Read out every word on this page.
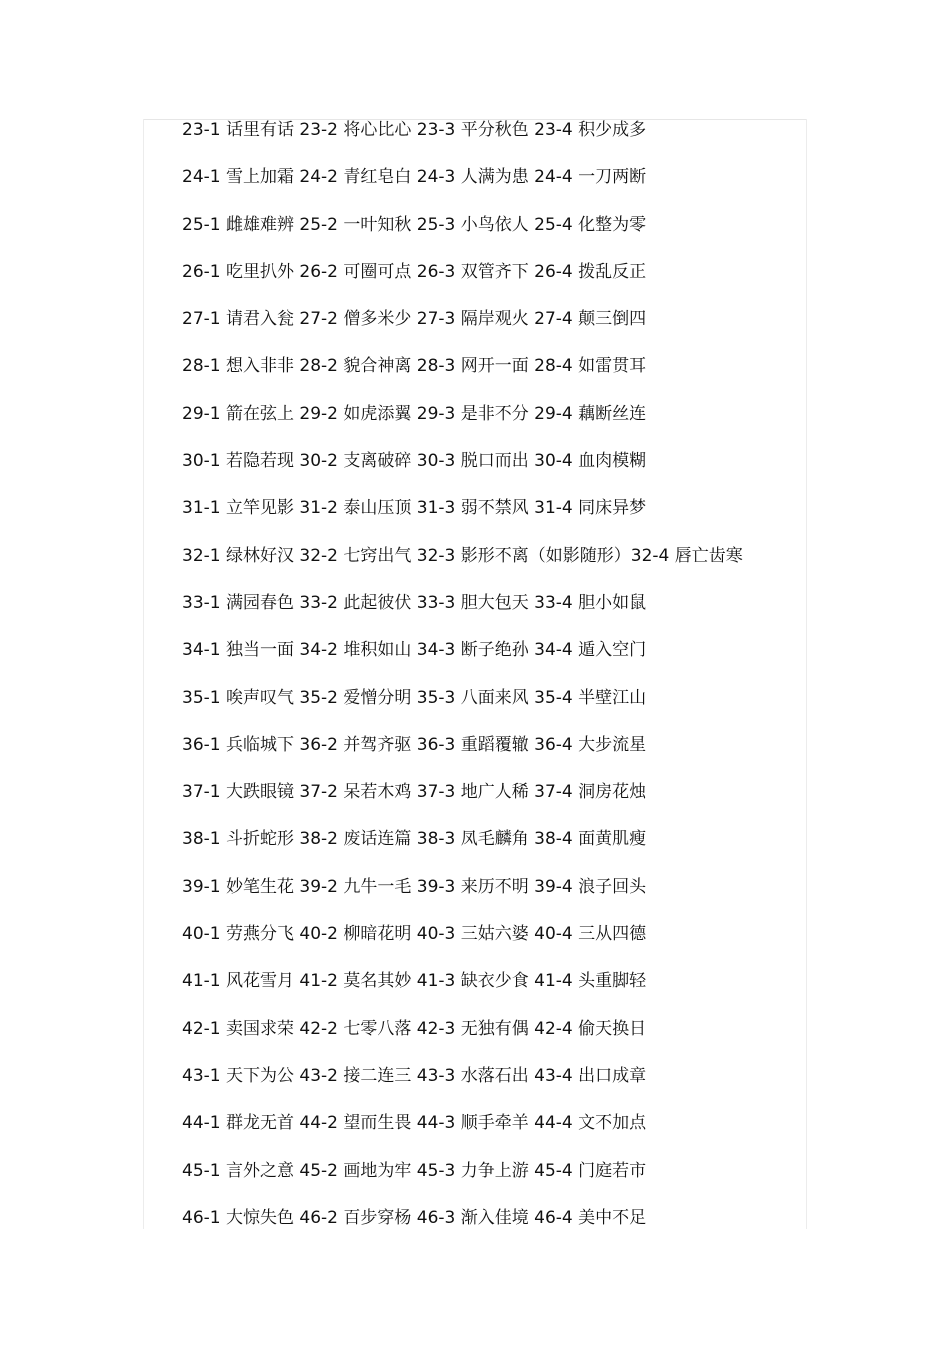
23-1 话里有话 23-2 将心比心 23-3 平分秋色 23-4 积少成多
24-1 雪上加霜 24-2 青红皂白 24-3 人满为患 24-4 一刀两断
25-1 雌雄难辨 25-2 一叶知秋 25-3 小鸟依人 25-4 化整为零
26-1 吃里扒外 26-2 可圈可点 26-3 双管齐下 26-4 拨乱反正
27-1 请君入瓮 27-2 僧多米少 27-3 隔岸观火 27-4 颠三倒四
28-1 想入非非 28-2 貌合神离 28-3 网开一面 28-4 如雷贯耳
29-1 箭在弦上 29-2 如虎添翼 29-3 是非不分 29-4 藕断丝连
30-1 若隐若现 30-2 支离破碎 30-3 脱口而出 30-4 血肉模糊
31-1 立竿见影 31-2 泰山压顶 31-3 弱不禁风 31-4 同床异梦
32-1 绿林好汉 32-2 七窍出气 32-3 影形不离（如影随形）32-4 唇亡齿寒
33-1 满园春色 33-2 此起彼伏 33-3 胆大包天 33-4 胆小如鼠
34-1 独当一面 34-2 堆积如山 34-3 断子绝孙 34-4 遁入空门
35-1 唉声叹气 35-2 爱憎分明 35-3 八面来风 35-4 半壁江山
36-1 兵临城下 36-2 并驾齐驱 36-3 重蹈覆辙 36-4 大步流星
37-1 大跌眼镜 37-2 呆若木鸡 37-3 地广人稀 37-4 洞房花烛
38-1 斗折蛇形 38-2 废话连篇 38-3 凤毛麟角 38-4 面黄肌瘦
39-1 妙笔生花 39-2 九牛一毛 39-3 来历不明 39-4 浪子回头
40-1 劳燕分飞 40-2 柳暗花明 40-3 三姑六婆 40-4 三从四德
41-1 风花雪月 41-2 莫名其妙 41-3 缺衣少食 41-4 头重脚轻
42-1 卖国求荣 42-2 七零八落 42-3 无独有偶 42-4 偷天换日
43-1 天下为公 43-2 接二连三 43-3 水落石出 43-4 出口成章
44-1 群龙无首 44-2 望而生畏 44-3 顺手牵羊 44-4 文不加点
45-1 言外之意 45-2 画地为牢 45-3 力争上游 45-4 门庭若市
46-1 大惊失色 46-2 百步穿杨 46-3 渐入佳境 46-4 美中不足
